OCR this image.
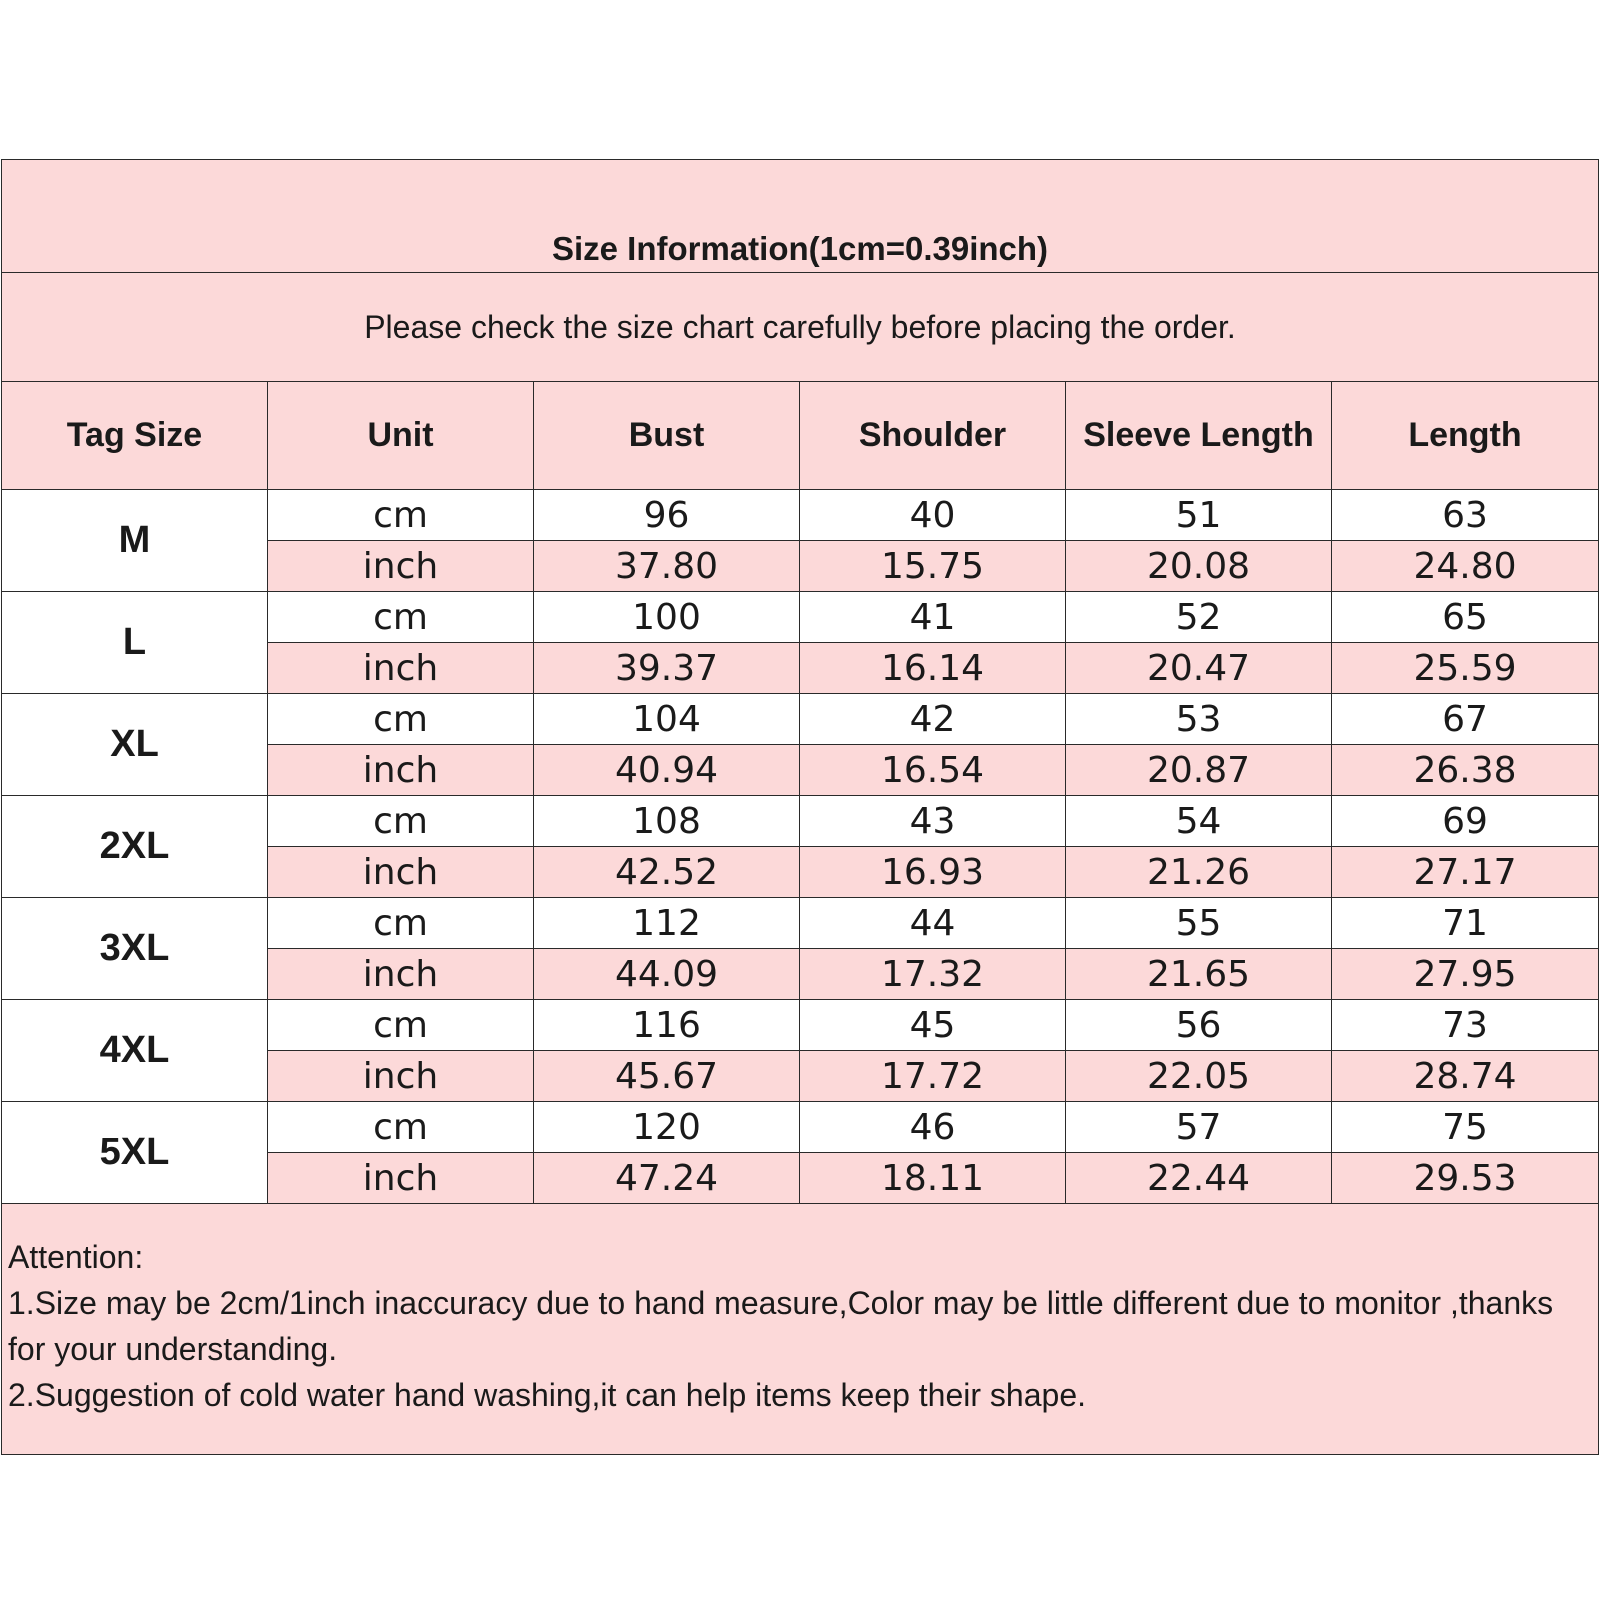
Size Information(1cm=0.39inch)					
Please check the size chart carefully before placing the order.					
Tag Size	Unit	Bust	Shoulder	Sleeve Length	Length
M	cm	96	40	51	63
	inch	37.80	15.75	20.08	24.80
L	cm	100	41	52	65
	inch	39.37	16.14	20.47	25.59
XL	cm	104	42	53	67
	inch	40.94	16.54	20.87	26.38
2XL	cm	108	43	54	69
	inch	42.52	16.93	21.26	27.17
3XL	cm	112	44	55	71
	inch	44.09	17.32	21.65	27.95
4XL	cm	116	45	56	73
	inch	45.67	17.72	22.05	28.74
5XL	cm	120	46	57	75
	inch	47.24	18.11	22.44	29.53

Attention:
1.Size may be 2cm/1inch inaccuracy due to hand measure,Color may be little different due to monitor ,thanks for your understanding.
2.Suggestion of cold water hand washing,it can help items keep their shape.					
